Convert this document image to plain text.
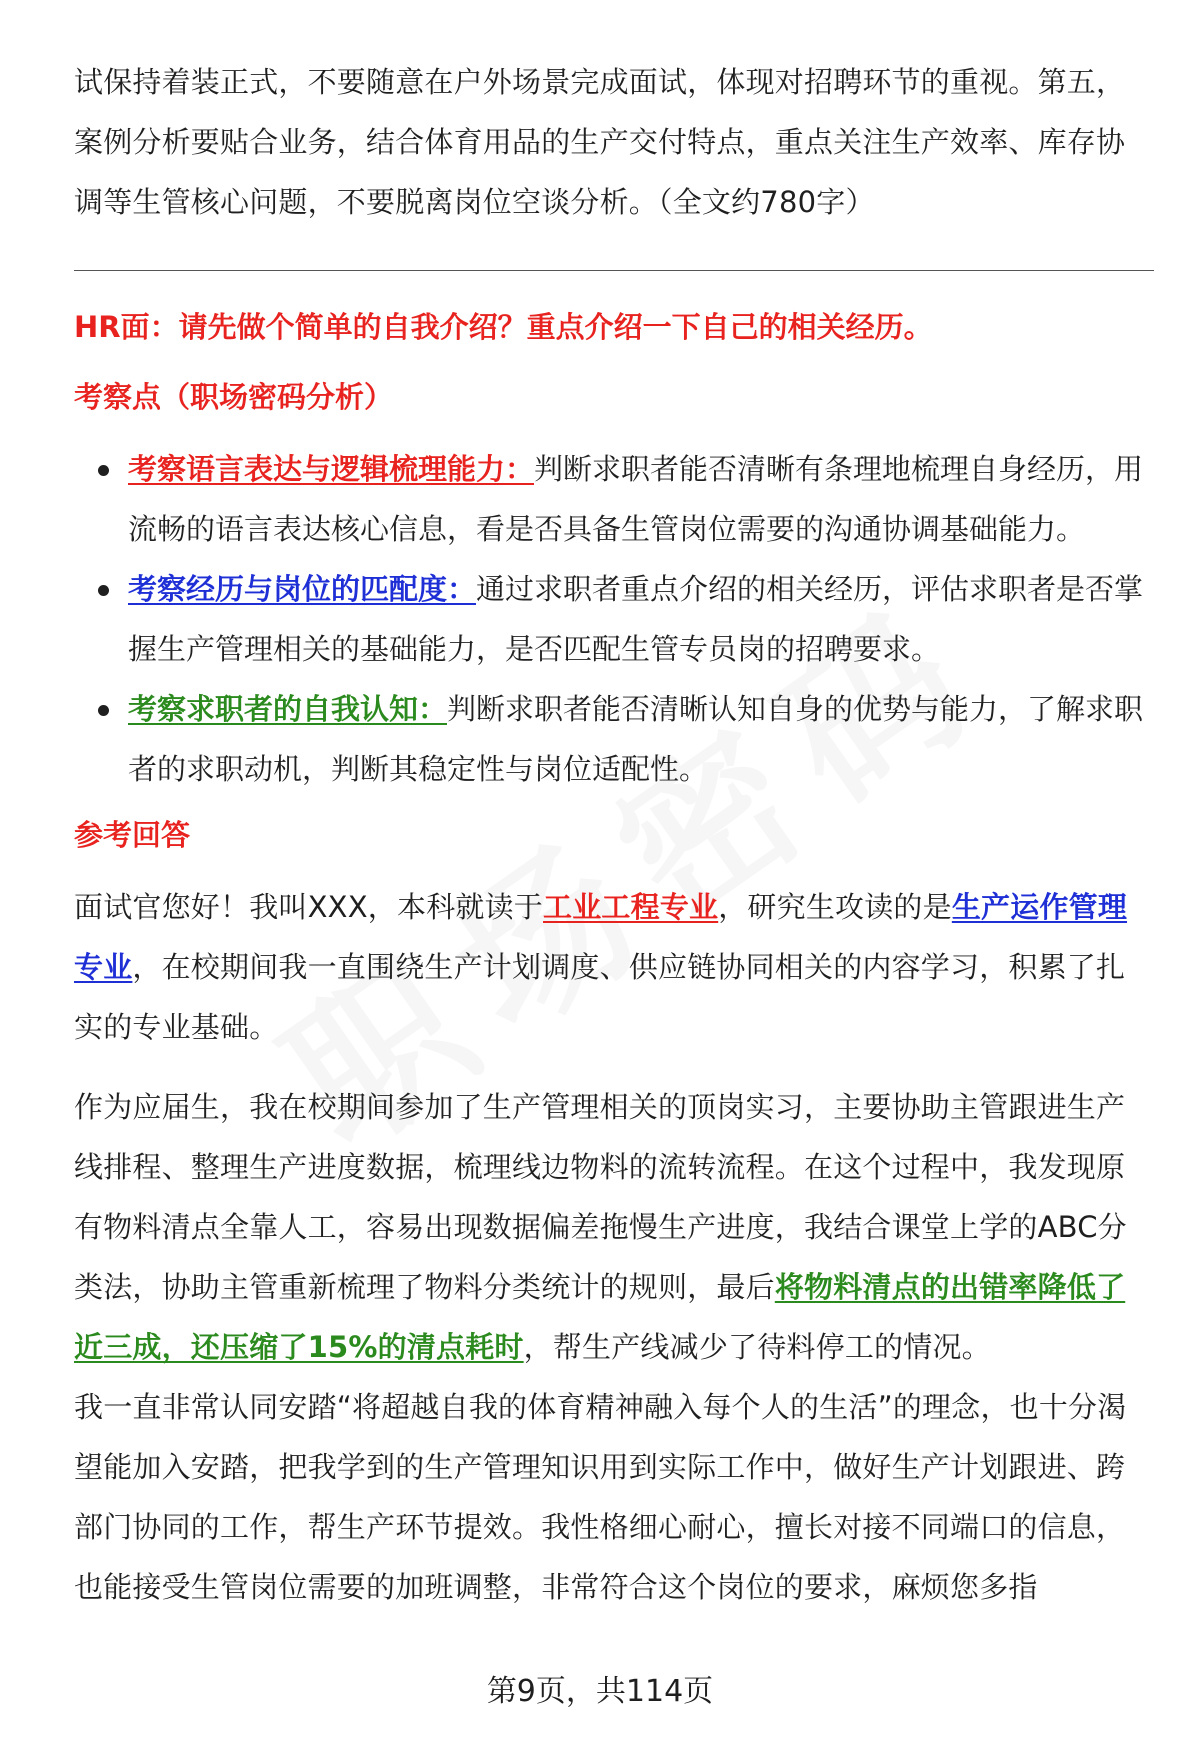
试保持着装正式，不要随意在户外场景完成面试，体现对招聘环节的重视。第五，案例分析要贴合业务，结合体育用品的生产交付特点，重点关注生产效率、库存协调等生管核心问题，不要脱离岗位空谈分析。（全文约780字）

HR面：请先做个简单的自我介绍？重点介绍一下自己的相关经历。
考察点（职场密码分析）
考察语言表达与逻辑梳理能力：判断求职者能否清晰有条理地梳理自身经历，用流畅的语言表达核心信息，看是否具备生管岗位需要的沟通协调基础能力。
考察经历与岗位的匹配度：通过求职者重点介绍的相关经历，评估求职者是否掌握生产管理相关的基础能力，是否匹配生管专员岗的招聘要求。
考察求职者的自我认知：判断求职者能否清晰认知自身的优势与能力，了解求职者的求职动机，判断其稳定性与岗位适配性。
参考回答

面试官您好！我叫XXX，本科就读于工业工程专业，研究生攻读的是生产运作管理专业，在校期间我一直围绕生产计划调度、供应链协同相关的内容学习，积累了扎实的专业基础。

作为应届生，我在校期间参加了生产管理相关的顶岗实习，主要协助主管跟进生产线排程、整理生产进度数据，梳理线边物料的流转流程。在这个过程中，我发现原有物料清点全靠人工，容易出现数据偏差拖慢生产进度，我结合课堂上学的ABC分类法，协助主管重新梳理了物料分类统计的规则，最后将物料清点的出错率降低了近三成，还压缩了15%的清点耗时，帮生产线减少了待料停工的情况。

我一直非常认同安踏“将超越自我的体育精神融入每个人的生活”的理念，也十分渴望能加入安踏，把我学到的生产管理知识用到实际工作中，做好生产计划跟进、跨部门协同的工作，帮生产环节提效。我性格细心耐心，擅长对接不同端口的信息，也能接受生管岗位需要的加班调整，非常符合这个岗位的要求，麻烦您多指

第9页，共114页
